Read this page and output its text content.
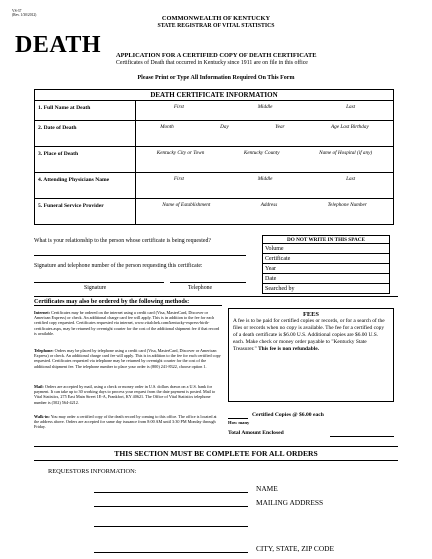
VS-37
(Rev. 1/30/2012)	COMMONWEALTH OF KENTUCKY
STATE REGISTRAR OF VITAL STATISTICS
DEATH APPLICATION FOR A CERTIFIED COPY OF DEATH CERTIFICATE
Certificates of Death that occurred in Kentucky since 1911 are on file in this office
Please Print or Type All Information Required On This Form
DEATH CERTIFICATE INFORMATION	
1. Full Name at Death	First Middle Last

2. Date of Death	Month Day Year Age Last Birthday

3. Place of Death	Kentucky City or Town Kentucky County Name of Hospital (if any)

4. Attending Physicians Name	First Middle Last

5. Funeral Service Provider	Name of Establishment Address Telephone Number
What is your relationship to the person whose certificate is being requested?
Signature and telephone number of the person requesting this certificate:
Signature	Telephone
DO NOT WRITE IN THIS SPACE
Volume
Certificate
Year
Date
Searched by
Certificates may also be ordered by the following methods:
Internet: Certificates may be ordered on the internet using a credit card (Visa, MasterCard, Discover or American Express) or check. An additional charge card fee will apply. This is in addition to the fee for each certified copy requested. Certificates requested via internet, www.vitalchek.com/kentucky-express-birth-certificates.aspx, may be returned by overnight courier for the cost of the additional shipment fee if that record is available.
Telephone: Orders may be placed by telephone using a credit card (Visa, MasterCard, Discover or American Express) or check. An additional charge card fee will apply. This is in addition to the fee for each certified copy requested. Certificates requested via telephone may be returned by overnight courier for the cost of the additional shipment fee. The telephone number to place your order is (800) 241-8322, choose option 1.
Mail: Orders are accepted by mail, using a check or money order in U.S. dollars drawn on a U.S. bank for payment. It can take up to 30 working days to process your request from the date payment is posted. Mail to Vital Statistics, 275 East Main Street 1E-A, Frankfort, KY 40621. The Office of Vital Statistics telephone number is (502) 564-4212.
Walk-in: You may order a certified copy of the death record by coming to this office. The office is located at the address above. Orders are accepted for same day issuance from 8:00 AM until 3:30 PM Monday through Friday.
FEES
A fee is to be paid for certified copies or records, or for a search of the files or records when no copy is available. The fee for a certified copy of a death certificate is $6.00 U.S. Additional copies are $6.00 U.S. each. Make check or money order payable to "Kentucky State Treasurer." This fee is non refundable.
Certified Copies @ $6.00 each
How many
Total Amount Enclosed
THIS SECTION MUST BE COMPLETE FOR ALL ORDERS
REQUESTORS INFORMATION:
NAME
MAILING ADDRESS
CITY, STATE, ZIP CODE
